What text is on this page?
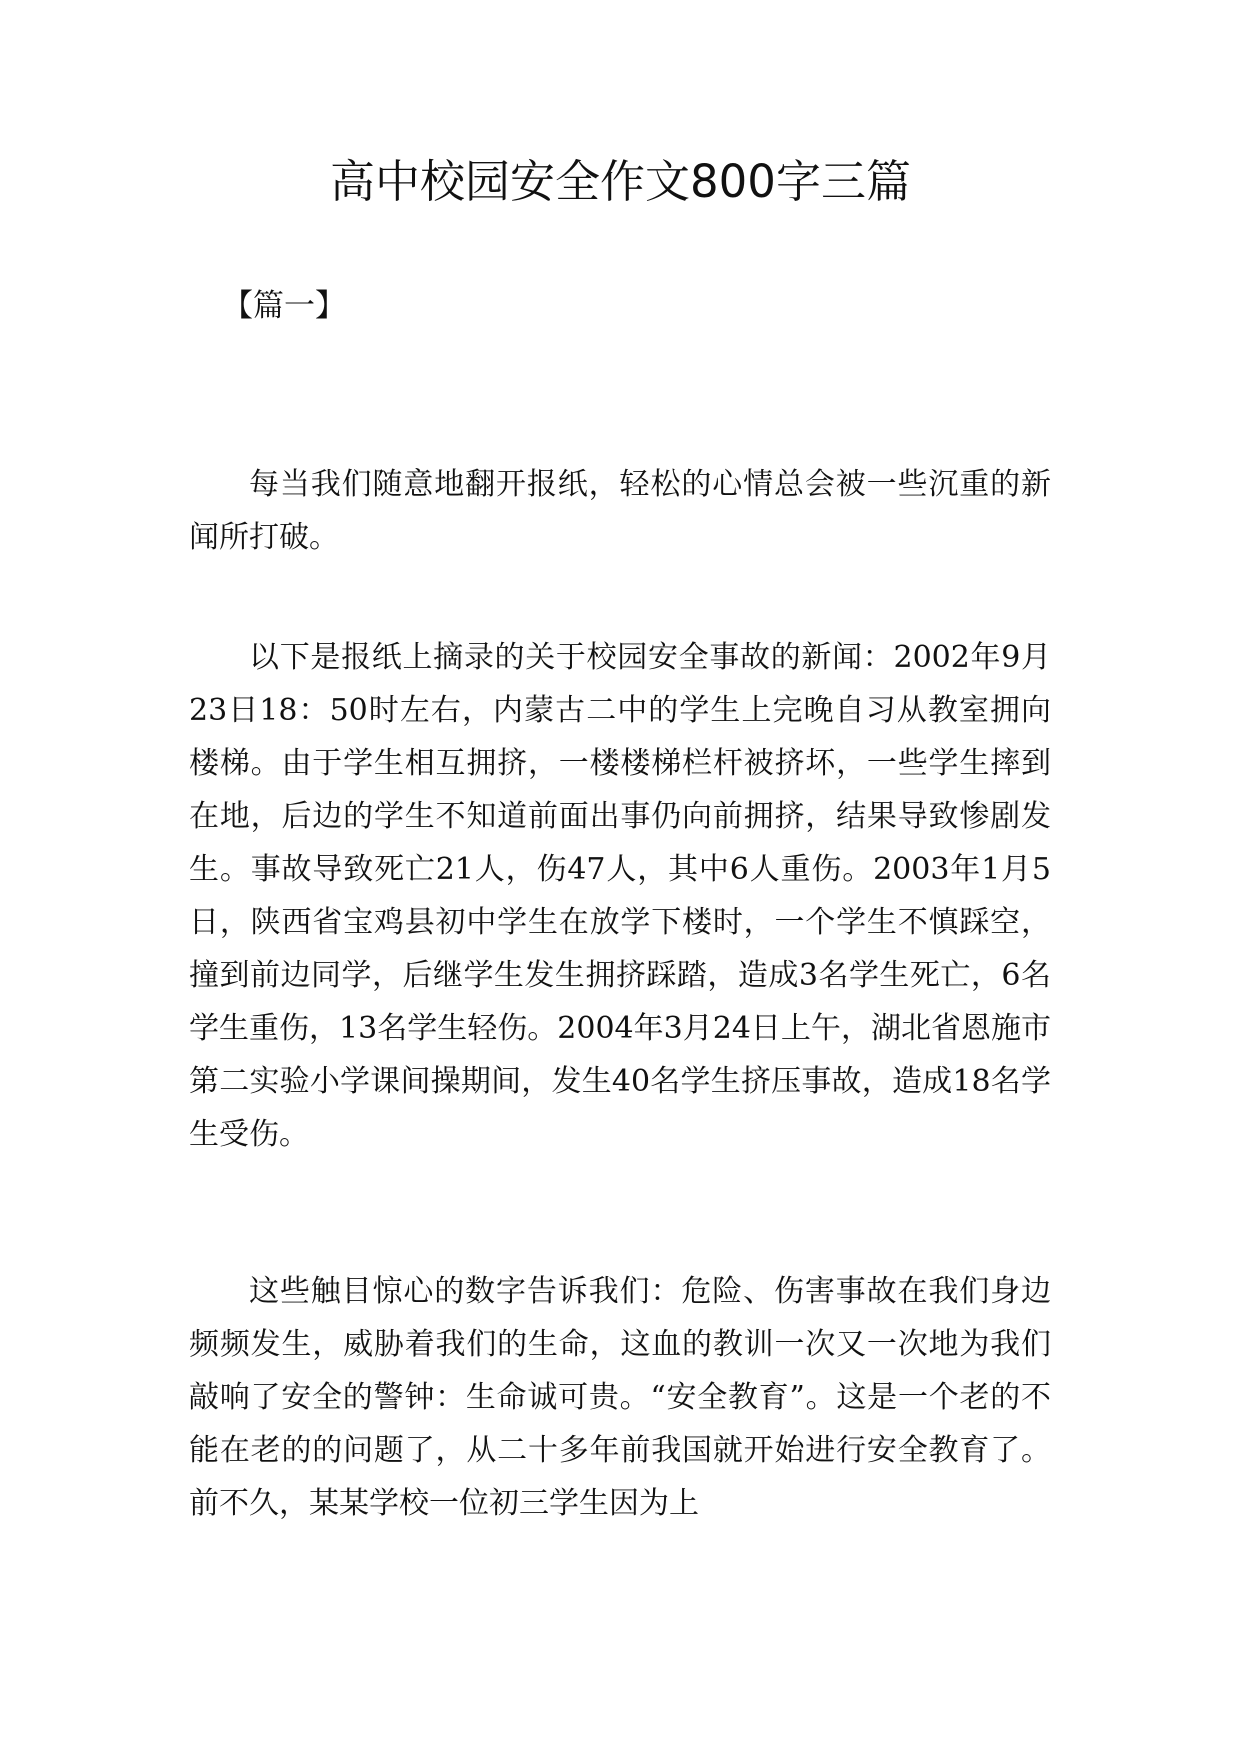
高中校园安全作文800字三篇

【篇一】

每当我们随意地翻开报纸，轻松的心情总会被一些沉重的新闻所打破。

以下是报纸上摘录的关于校园安全事故的新闻：2002年9月23日18：50时左右，内蒙古二中的学生上完晚自习从教室拥向楼梯。由于学生相互拥挤，一楼楼梯栏杆被挤坏，一些学生摔到在地，后边的学生不知道前面出事仍向前拥挤，结果导致惨剧发生。事故导致死亡21人，伤47人，其中6人重伤。2003年1月5日，陕西省宝鸡县初中学生在放学下楼时，一个学生不慎踩空，撞到前边同学，后继学生发生拥挤踩踏，造成3名学生死亡，6名学生重伤，13名学生轻伤。2004年3月24日上午，湖北省恩施市第二实验小学课间操期间，发生40名学生挤压事故，造成18名学生受伤。

这些触目惊心的数字告诉我们：危险、伤害事故在我们身边频频发生，威胁着我们的生命，这血的教训一次又一次地为我们敲响了安全的警钟：生命诚可贵。“安全教育”。这是一个老的不能在老的的问题了，从二十多年前我国就开始进行安全教育了。前不久，某某学校一位初三学生因为上
